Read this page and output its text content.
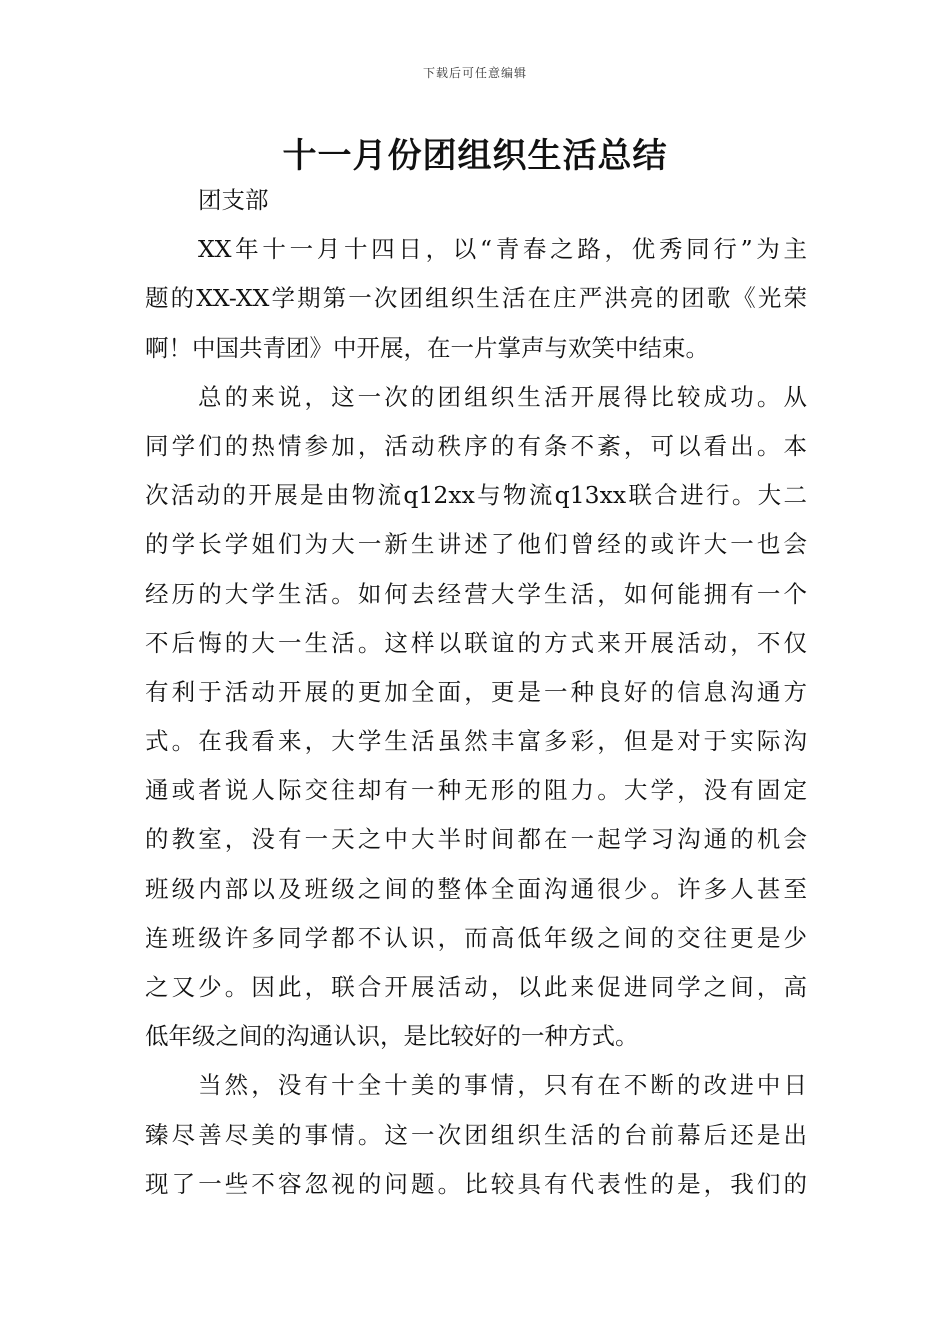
下载后可任意编辑
十一月份团组织生活总结
团支部
XX年十一月十四日，以“青春之路，优秀同行”为主
题的XX-XX学期第一次团组织生活在庄严洪亮的团歌《光荣
啊！中国共青团》中开展，在一片掌声与欢笑中结束。
总的来说，这一次的团组织生活开展得比较成功。从
同学们的热情参加，活动秩序的有条不紊，可以看出。本
次活动的开展是由物流q12xx与物流q13xx联合进行。大二
的学长学姐们为大一新生讲述了他们曾经的或许大一也会
经历的大学生活。如何去经营大学生活，如何能拥有一个
不后悔的大一生活。这样以联谊的方式来开展活动，不仅
有利于活动开展的更加全面，更是一种良好的信息沟通方
式。在我看来，大学生活虽然丰富多彩，但是对于实际沟
通或者说人际交往却有一种无形的阻力。大学，没有固定
的教室，没有一天之中大半时间都在一起学习沟通的机会
班级内部以及班级之间的整体全面沟通很少。许多人甚至
连班级许多同学都不认识，而高低年级之间的交往更是少
之又少。因此，联合开展活动，以此来促进同学之间，高
低年级之间的沟通认识，是比较好的一种方式。
当然，没有十全十美的事情，只有在不断的改进中日
臻尽善尽美的事情。这一次团组织生活的台前幕后还是出
现了一些不容忽视的问题。比较具有代表性的是，我们的
